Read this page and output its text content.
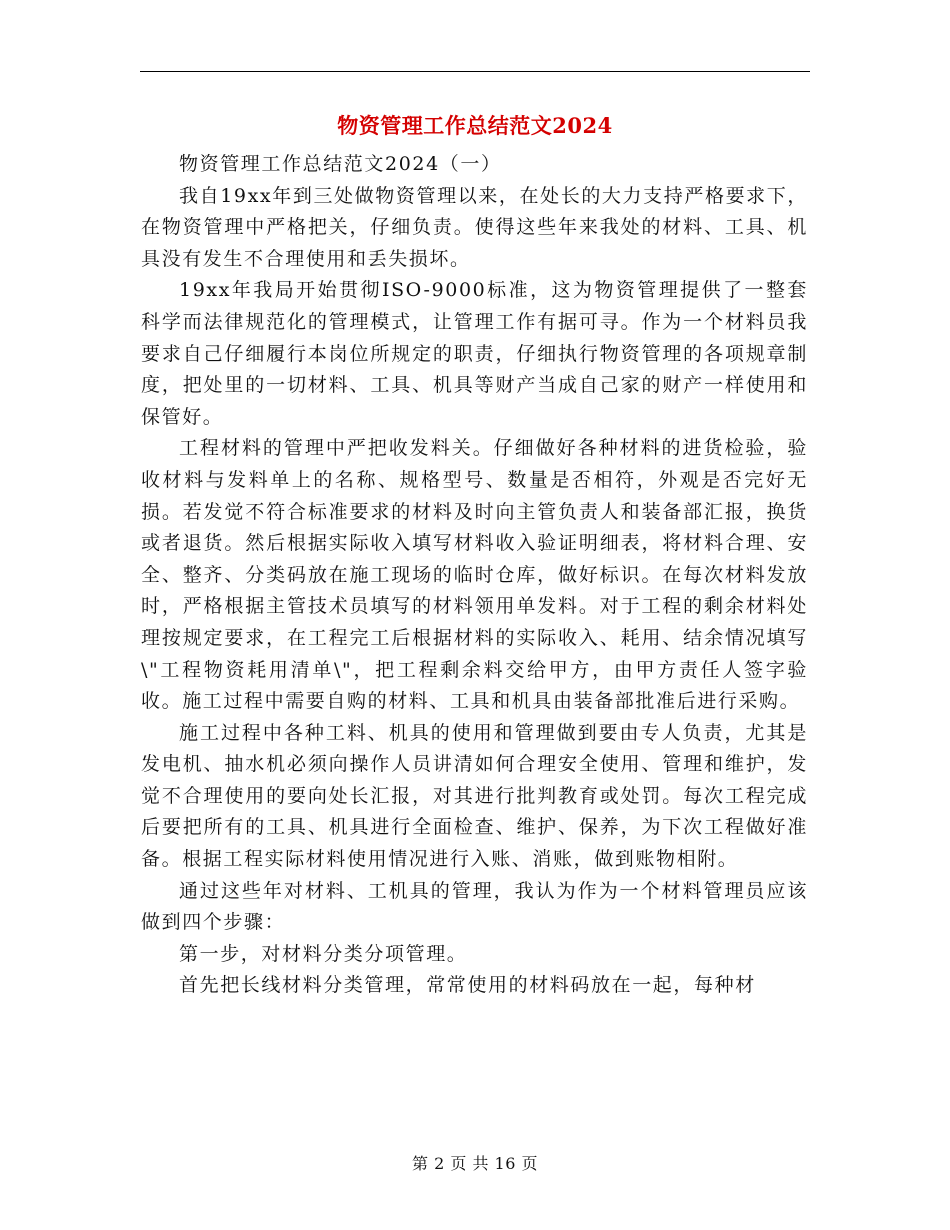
物资管理工作总结范文2024

物资管理工作总结范文2024（一）

我自19xx年到三处做物资管理以来，在处长的大力支持严格要求下，在物资管理中严格把关，仔细负责。使得这些年来我处的材料、工具、机具没有发生不合理使用和丢失损坏。

19xx年我局开始贯彻ISO-9000标准，这为物资管理提供了一整套科学而法律规范化的管理模式，让管理工作有据可寻。作为一个材料员我要求自己仔细履行本岗位所规定的职责，仔细执行物资管理的各项规章制度，把处里的一切材料、工具、机具等财产当成自己家的财产一样使用和保管好。

工程材料的管理中严把收发料关。仔细做好各种材料的进货检验，验收材料与发料单上的名称、规格型号、数量是否相符，外观是否完好无损。若发觉不符合标准要求的材料及时向主管负责人和装备部汇报，换货或者退货。然后根据实际收入填写材料收入验证明细表，将材料合理、安全、整齐、分类码放在施工现场的临时仓库，做好标识。在每次材料发放时，严格根据主管技术员填写的材料领用单发料。对于工程的剩余材料处理按规定要求，在工程完工后根据材料的实际收入、耗用、结余情况填写\"工程物资耗用清单\"，把工程剩余料交给甲方，由甲方责任人签字验收。施工过程中需要自购的材料、工具和机具由装备部批准后进行采购。

施工过程中各种工料、机具的使用和管理做到要由专人负责，尤其是发电机、抽水机必须向操作人员讲清如何合理安全使用、管理和维护，发觉不合理使用的要向处长汇报，对其进行批判教育或处罚。每次工程完成后要把所有的工具、机具进行全面检查、维护、保养，为下次工程做好准备。根据工程实际材料使用情况进行入账、消账，做到账物相附。

通过这些年对材料、工机具的管理，我认为作为一个材料管理员应该做到四个步骤：

第一步，对材料分类分项管理。

首先把长线材料分类管理，常常使用的材料码放在一起，每种材

第 2 页 共 16 页
